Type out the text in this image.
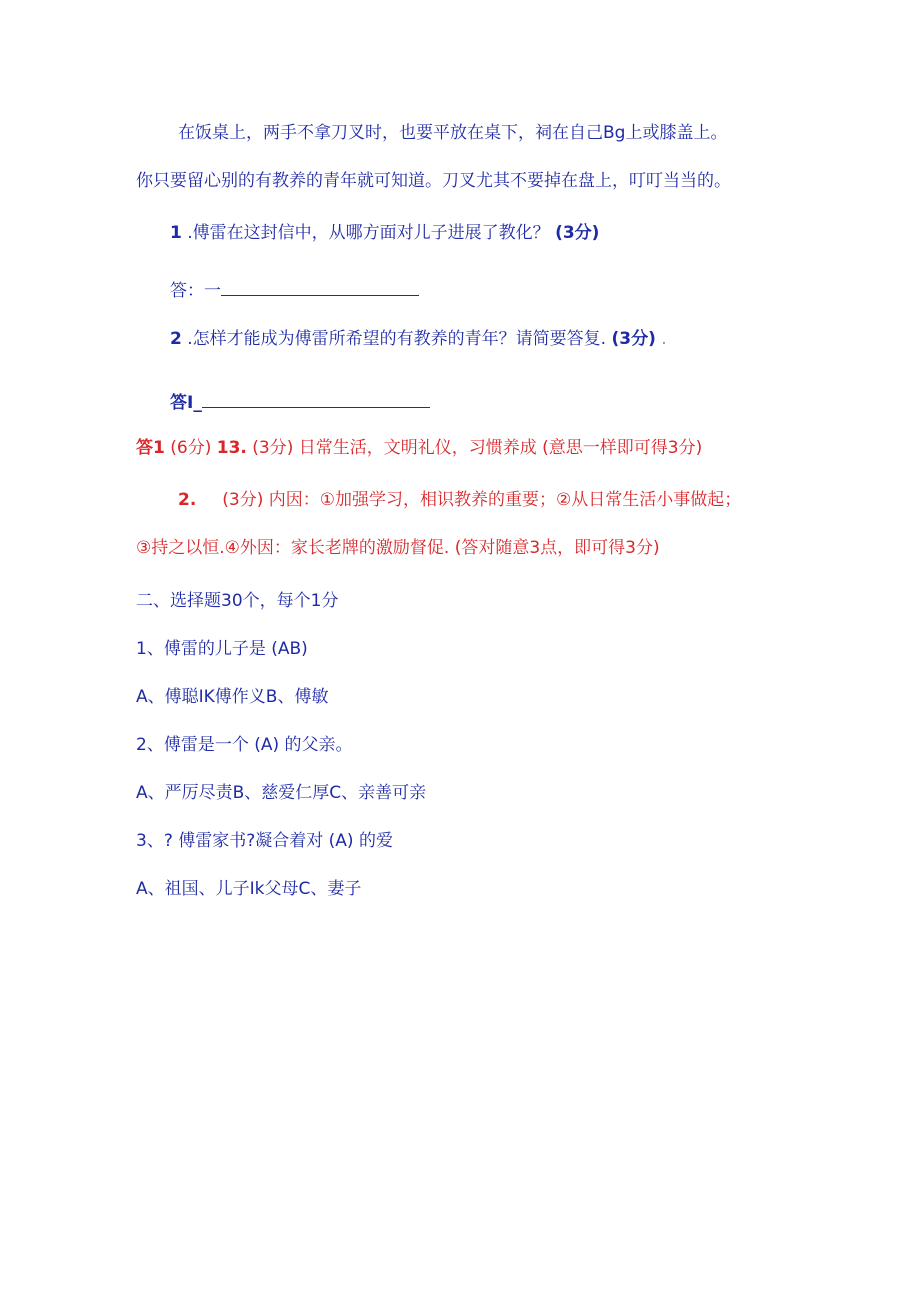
在饭桌上，两手不拿刀叉时，也要平放在桌下，祠在自己Bg上或膝盖上。
你只要留心别的有教养的青年就可知道。刀叉尤其不要掉在盘上，叮叮当当的。
1 .傅雷在这封信中，从哪方面对儿子进展了教化？ (3分)
答：一
2 .怎样才能成为傅雷所希望的有教养的青年？请简要答复. (3分) .
答I_
答1 (6分) 13. (3分) 日常生活，文明礼仪，习惯养成 (意思一样即可得3分)
2. (3分) 内因：①加强学习，相识教养的重要；②从日常生活小事做起；
③持之以恒.④外因：家长老牌的激励督促. (答对随意3点，即可得3分)
二、选择题30个，每个1分
1、傅雷的儿子是 (AB)
A、傅聪IK傅作义B、傅敏
2、傅雷是一个 (A) 的父亲。
A、严厉尽责B、慈爱仁厚C、亲善可亲
3、? 傅雷家书?凝合着对 (A) 的爱
A、祖国、儿子Ik父母C、妻子
